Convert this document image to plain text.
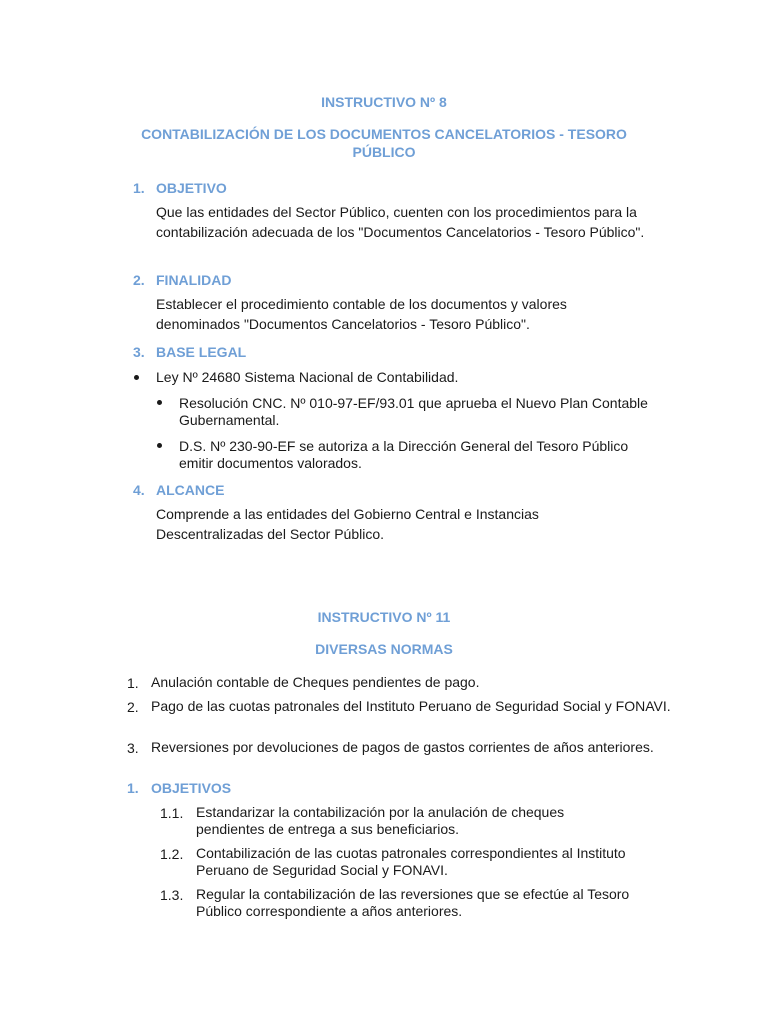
INSTRUCTIVO Nº 8
CONTABILIZACIÓN DE LOS DOCUMENTOS CANCELATORIOS - TESORO PÚBLICO
1. OBJETIVO
Que las entidades del Sector Público, cuenten con los procedimientos para la contabilización adecuada de los "Documentos Cancelatorios - Tesoro Público".
2. FINALIDAD
Establecer el procedimiento contable de los documentos y valores denominados "Documentos Cancelatorios - Tesoro Público".
3. BASE LEGAL
Ley Nº 24680 Sistema Nacional de Contabilidad.
Resolución CNC. Nº 010-97-EF/93.01 que aprueba el Nuevo Plan Contable Gubernamental.
D.S. Nº 230-90-EF se autoriza a la Dirección General del Tesoro Público emitir documentos valorados.
4. ALCANCE
Comprende a las entidades del Gobierno Central e Instancias Descentralizadas del Sector Público.
INSTRUCTIVO Nº 11
DIVERSAS NORMAS
1. Anulación contable de Cheques pendientes de pago.
2. Pago de las cuotas patronales del Instituto Peruano de Seguridad Social y FONAVI.
3. Reversiones por devoluciones de pagos de gastos corrientes de años anteriores.
1. OBJETIVOS
1.1. Estandarizar la contabilización por la anulación de cheques pendientes de entrega a sus beneficiarios.
1.2. Contabilización de las cuotas patronales correspondientes al Instituto Peruano de Seguridad Social y FONAVI.
1.3. Regular la contabilización de las reversiones que se efectúe al Tesoro Público correspondiente a años anteriores.
